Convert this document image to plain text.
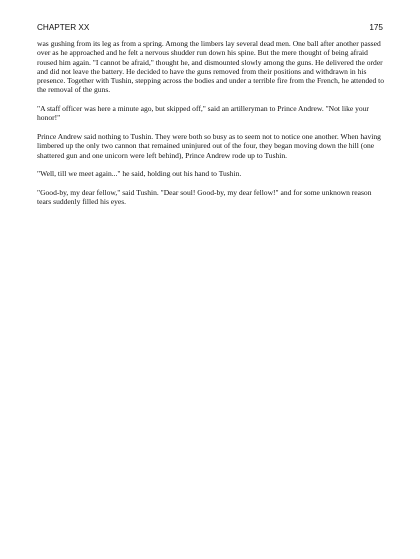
CHAPTER XX	175

was gushing from its leg as from a spring. Among the limbers lay several dead men. One ball after another passed over as he approached and he felt a nervous shudder run down his spine. But the mere thought of being afraid roused him again. "I cannot be afraid," thought he, and dismounted slowly among the guns. He delivered the order and did not leave the battery. He decided to have the guns removed from their positions and withdrawn in his presence. Together with Tushin, stepping across the bodies and under a terrible fire from the French, he attended to the removal of the guns.

"A staff officer was here a minute ago, but skipped off," said an artilleryman to Prince Andrew. "Not like your honor!"

Prince Andrew said nothing to Tushin. They were both so busy as to seem not to notice one another. When having limbered up the only two cannon that remained uninjured out of the four, they began moving down the hill (one shattered gun and one unicorn were left behind), Prince Andrew rode up to Tushin.

"Well, till we meet again..." he said, holding out his hand to Tushin.

"Good-by, my dear fellow," said Tushin. "Dear soul! Good-by, my dear fellow!" and for some unknown reason tears suddenly filled his eyes.
